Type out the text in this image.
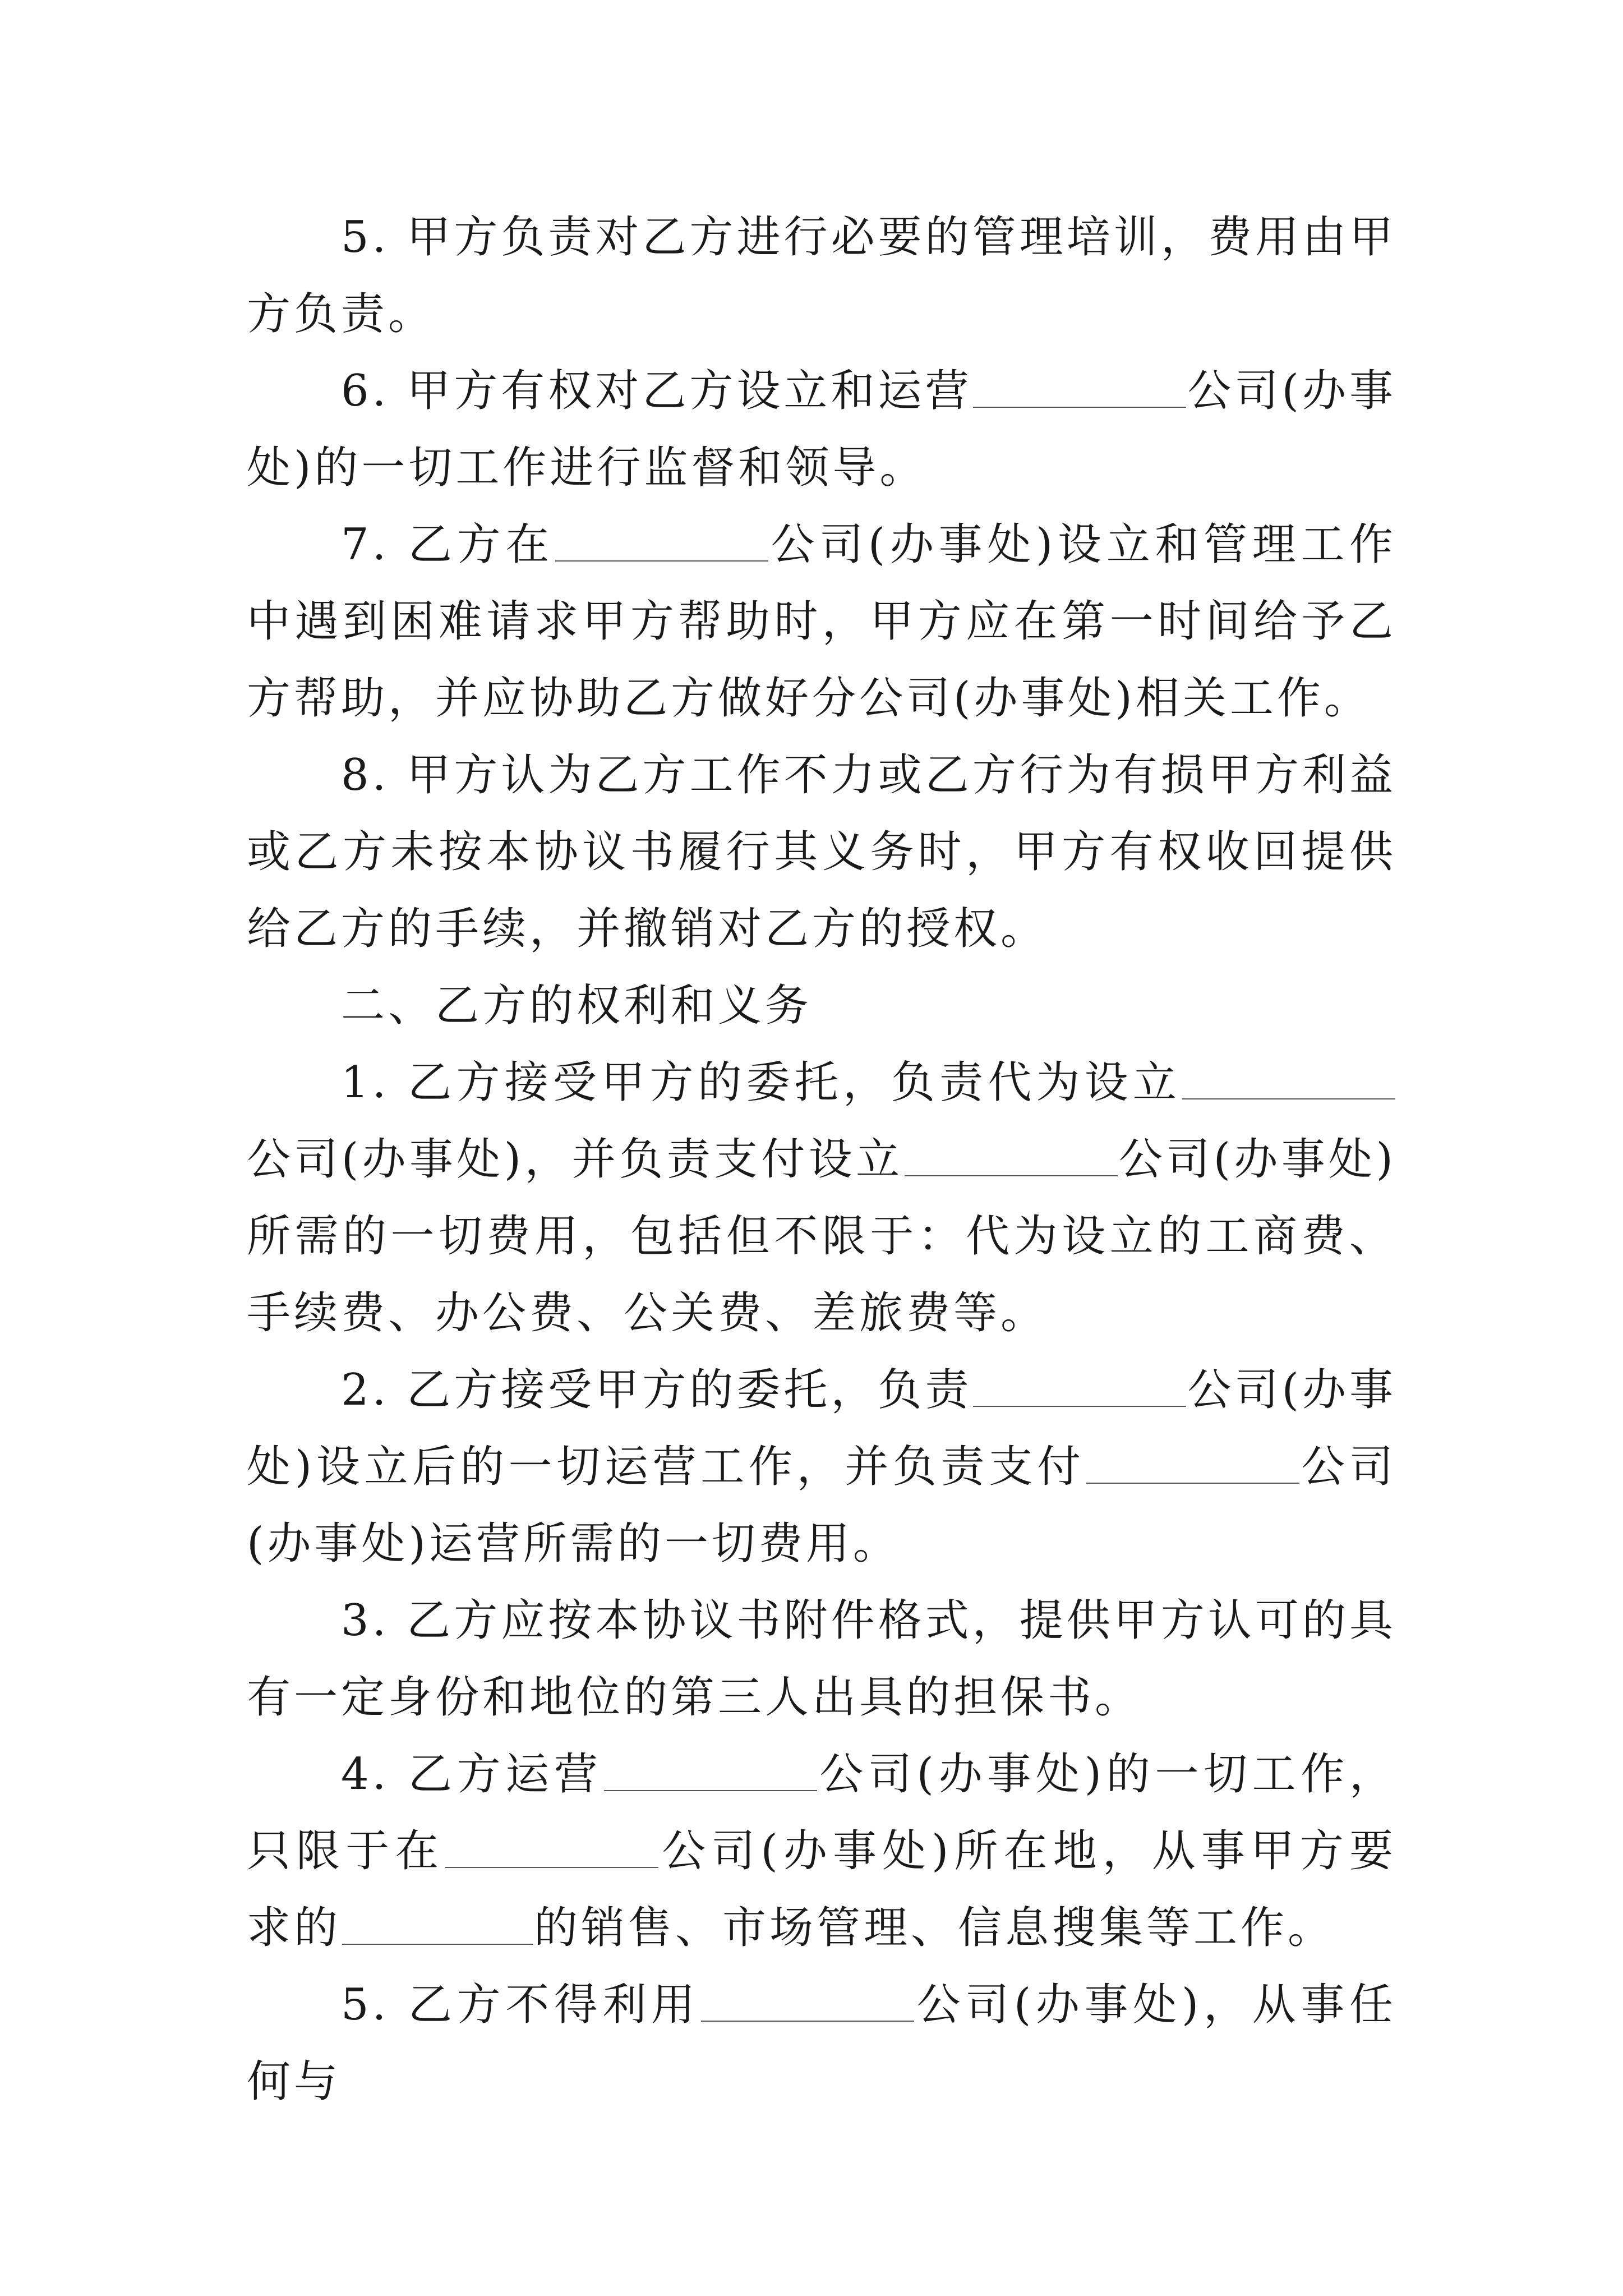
5. 甲方负责对乙方进行必要的管理培训，费用由甲方负责。

6. 甲方有权对乙方设立和运营	公司(办事处)的一切工作进行监督和领导。

7. 乙方在	公司(办事处)设立和管理工作中遇到困难请求甲方帮助时，甲方应在第一时间给予乙方帮助，并应协助乙方做好分公司(办事处)相关工作。

8. 甲方认为乙方工作不力或乙方行为有损甲方利益或乙方未按本协议书履行其义务时，甲方有权收回提供给乙方的手续，并撤销对乙方的授权。

二、乙方的权利和义务

1. 乙方接受甲方的委托，负责代为设立公司(办事处)，并负责支付设立	公司(办事处)所需的一切费用，包括但不限于：代为设立的工商费、手续费、办公费、公关费、差旅费等。

2. 乙方接受甲方的委托，负责	公司(办事处)设立后的一切运营工作，并负责支付	公司(办事处)运营所需的一切费用。

3. 乙方应按本协议书附件格式，提供甲方认可的具有一定身份和地位的第三人出具的担保书。

4. 乙方运营	公司(办事处)的一切工作，只限于在	公司(办事处)所在地，从事甲方要求的	的销售、市场管理、信息搜集等工作。

5. 乙方不得利用	公司(办事处)，从事任何与
